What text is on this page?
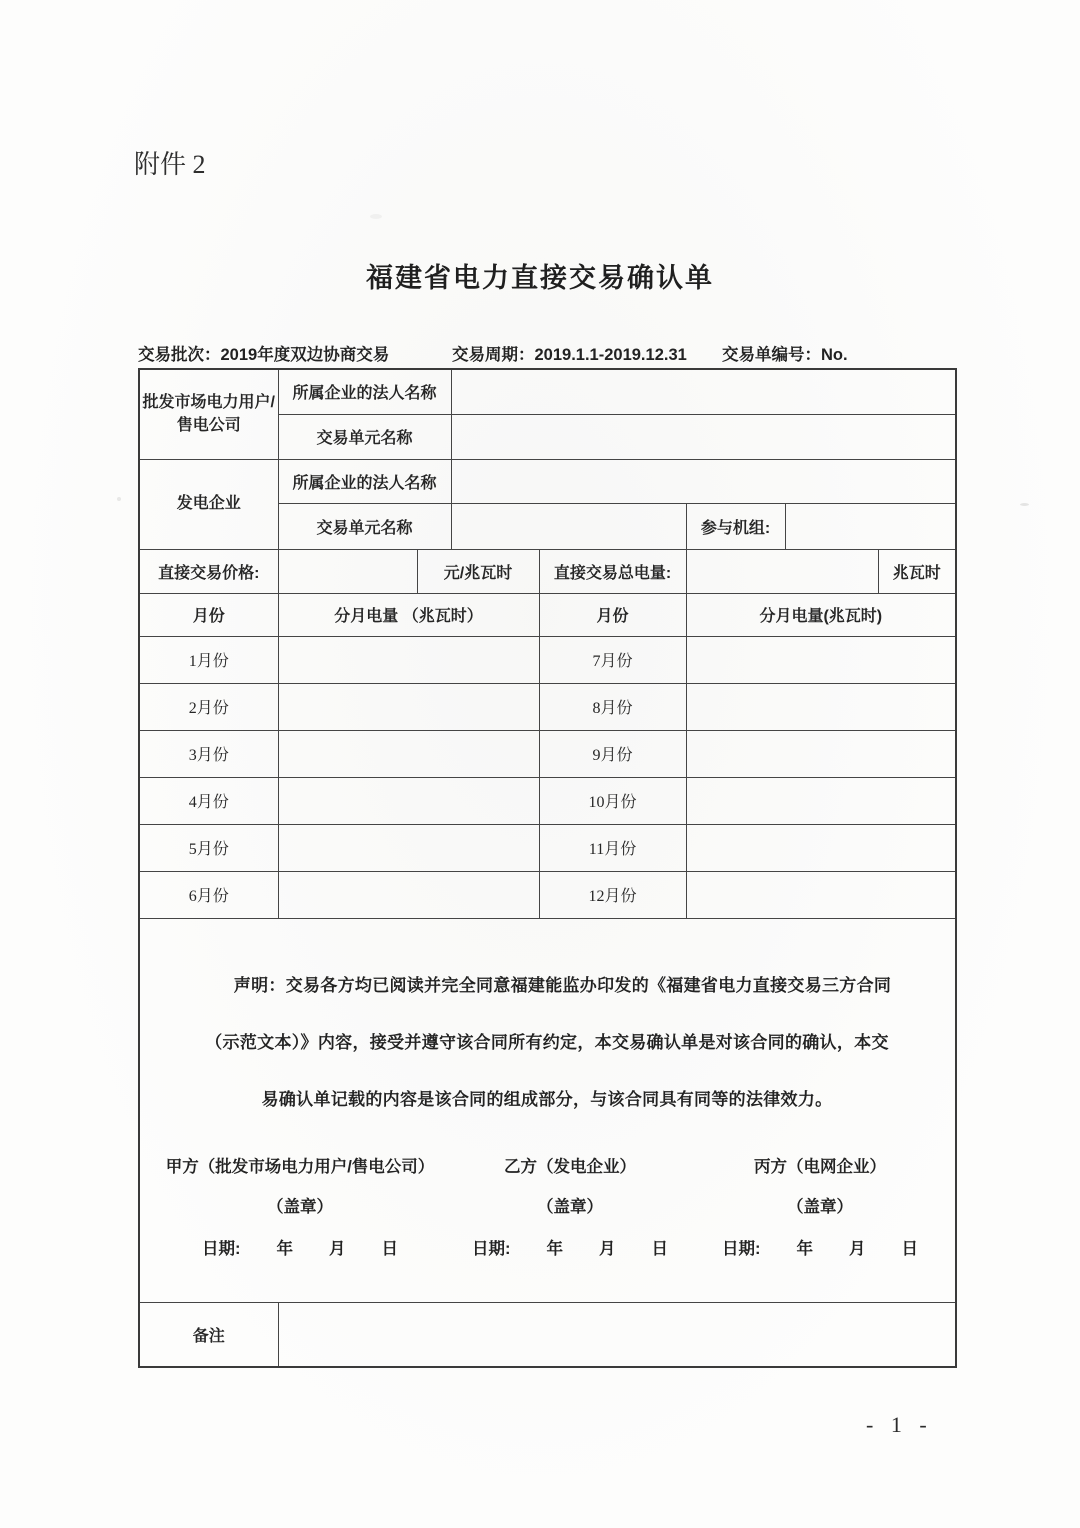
附件 2
福建省电力直接交易确认单
交易批次：2019年度双边协商交易	交易周期：2019.1.1-2019.12.31 交易单编号：No.
批发市场电力用户/售电公司	所属企业的法人名称						
	交易单元名称						
发电企业	所属企业的法人名称						
	交易单元名称				参与机组:		
直接交易价格:		元/兆瓦时		直接交易总电量:			兆瓦时
月份	分月电量 （兆瓦时）			月份	分月电量(兆瓦时)		
1月份				7月份			
2月份				8月份			
3月份				9月份			
4月份				10月份			
5月份				11月份			
6月份				12月份			

声明：交易各方均已阅读并完全同意福建能监办印发的《福建省电力直接交易三方合同
（示范文本）》内容，接受并遵守该合同所有约定，本交易确认单是对该合同的确认，本交
易确认单记载的内容是该合同的组成部分，与该合同具有同等的法律效力。
甲方（批发市场电力用户/售电公司）
（盖章）
日期: 年 月 日
乙方（发电企业）
（盖章）
日期: 年 月 日
丙方（电网企业）
（盖章）
日期: 年 月 日

备注							
- 1 -
